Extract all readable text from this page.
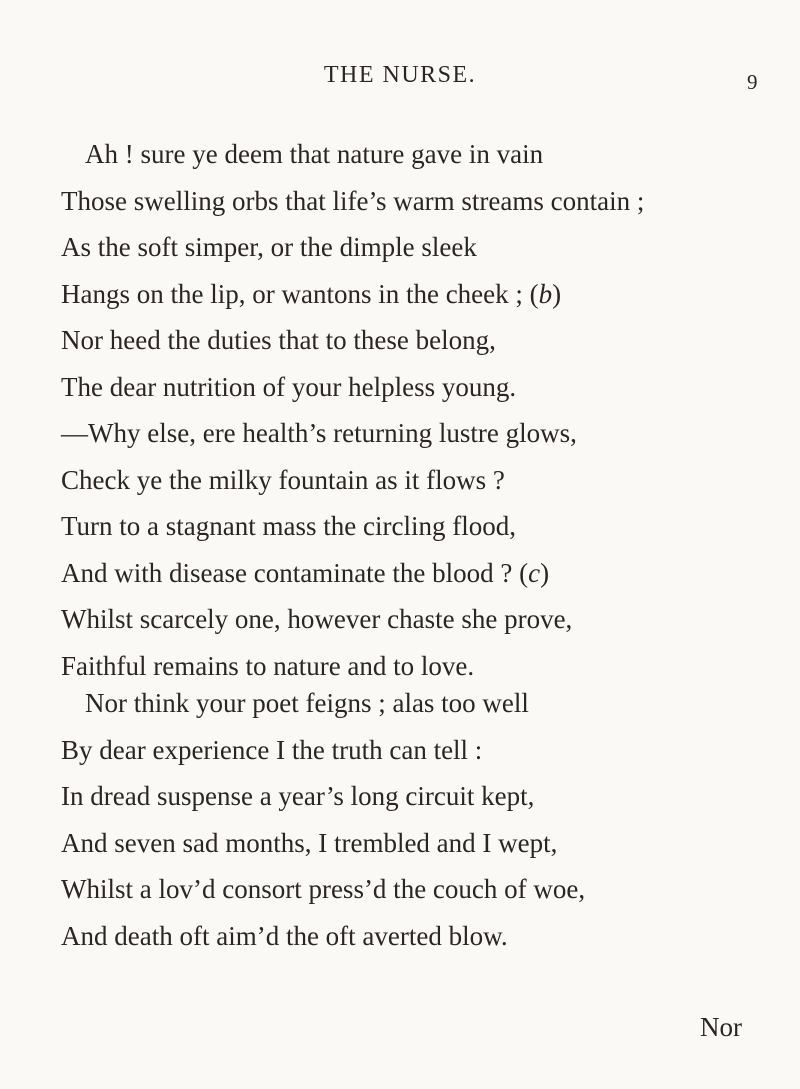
THE NURSE.	9
Ah ! sure ye deem that nature gave in vain
Those swelling orbs that life’s warm streams contain ;
As the soft simper, or the dimple sleek
Hangs on the lip, or wantons in the cheek ; (b)
Nor heed the duties that to these belong,
The dear nutrition of your helpless young.
—Why else, ere health’s returning lustre glows,
Check ye the milky fountain as it flows ?
Turn to a stagnant mass the circling flood,
And with disease contaminate the blood ? (c)
Whilst scarcely one, however chaste she prove,
Faithful remains to nature and to love.
Nor think your poet feigns ; alas too well
By dear experience I the truth can tell :
In dread suspense a year’s long circuit kept,
And seven sad months, I trembled and I wept,
Whilst a lov’d consort press’d the couch of woe,
And death oft aim’d the oft averted blow.
Nor
